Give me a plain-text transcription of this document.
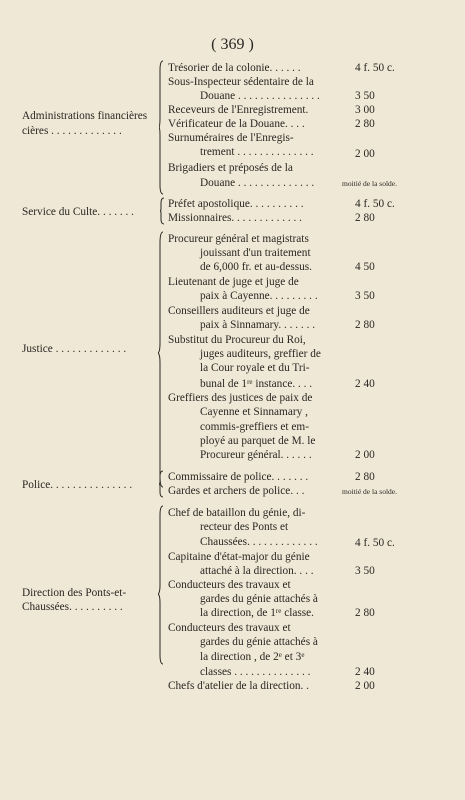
( 369 )
Administrations financières
cières . . . . . . . . . . . . .
Trésorier de la colonie. . . . . .
Sous-Inspecteur sédentaire de la
Douane . . . . . . . . . . . . . . .
Receveurs de l'Enregistrement.
Vérificateur de la Douane. . . .
Surnuméraires de l'Enregis-
trement . . . . . . . . . . . . . .
Brigadiers et préposés de la
Douane . . . . . . . . . . . . . .
4 f. 50 c.
3 50
3 00
2 80
2 00
moitié de la solde.
Service du Culte. . . . . . .
Préfet apostolique. . . . . . . . . .
Missionnaires. . . . . . . . . . . . .
4 f. 50 c.
2 80
Justice . . . . . . . . . . . . .
Procureur général et magistrats
jouissant d'un traitement
de 6,000 fr. et au-dessus.
Lieutenant de juge et juge de
paix à Cayenne. . . . . . . . .
Conseillers auditeurs et juge de
paix à Sinnamary. . . . . . .
Substitut du Procureur du Roi,
juges auditeurs, greffier de
la Cour royale et du Tri-
bunal de 1re instance. . . .
Greffiers des justices de paix de
Cayenne et Sinnamary ,
commis-greffiers et em-
ployé au parquet de M. le
Procureur général. . . . . .
4 50
3 50
2 80
2 40
2 00
Police. . . . . . . . . . . . . . .
Commissaire de police. . . . . . .
Gardes et archers de police. . .
2 80
moitié de la solde.
Direction des Ponts-et-
Chaussées. . . . . . . . . .
Chef de bataillon du génie, di-
recteur des Ponts et
Chaussées. . . . . . . . . . . . .
Capitaine d'état-major du génie
attaché à la direction. . . .
Conducteurs des travaux et
gardes du génie attachés à
la direction, de 1re classe.
Conducteurs des travaux et
gardes du génie attachés à
la direction , de 2e et 3e
classes . . . . . . . . . . . . . .
Chefs d'atelier de la direction. .
4 f. 50 c.
3 50
2 80
2 40
2 00
